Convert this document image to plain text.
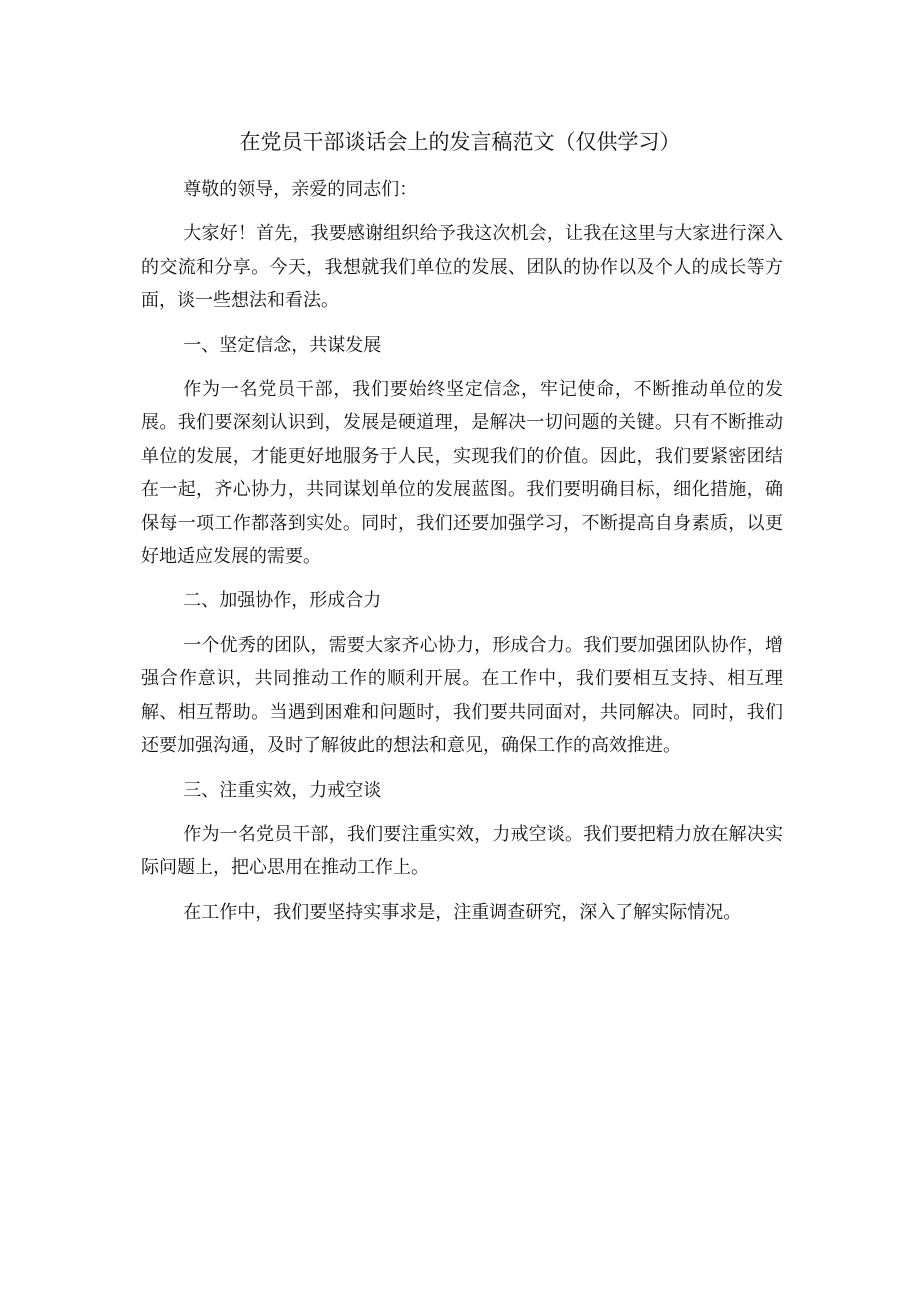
在党员干部谈话会上的发言稿范文（仅供学习）

尊敬的领导，亲爱的同志们：

大家好！首先，我要感谢组织给予我这次机会，让我在这里与大家进行深入的交流和分享。今天，我想就我们单位的发展、团队的协作以及个人的成长等方面，谈一些想法和看法。

一、坚定信念，共谋发展

作为一名党员干部，我们要始终坚定信念，牢记使命，不断推动单位的发展。我们要深刻认识到，发展是硬道理，是解决一切问题的关键。只有不断推动单位的发展，才能更好地服务于人民，实现我们的价值。因此，我们要紧密团结在一起，齐心协力，共同谋划单位的发展蓝图。我们要明确目标，细化措施，确保每一项工作都落到实处。同时，我们还要加强学习，不断提高自身素质，以更好地适应发展的需要。

二、加强协作，形成合力

一个优秀的团队，需要大家齐心协力，形成合力。我们要加强团队协作，增强合作意识，共同推动工作的顺利开展。在工作中，我们要相互支持、相互理解、相互帮助。当遇到困难和问题时，我们要共同面对，共同解决。同时，我们还要加强沟通，及时了解彼此的想法和意见，确保工作的高效推进。

三、注重实效，力戒空谈

作为一名党员干部，我们要注重实效，力戒空谈。我们要把精力放在解决实际问题上，把心思用在推动工作上。

在工作中，我们要坚持实事求是，注重调查研究，深入了解实际情况。
